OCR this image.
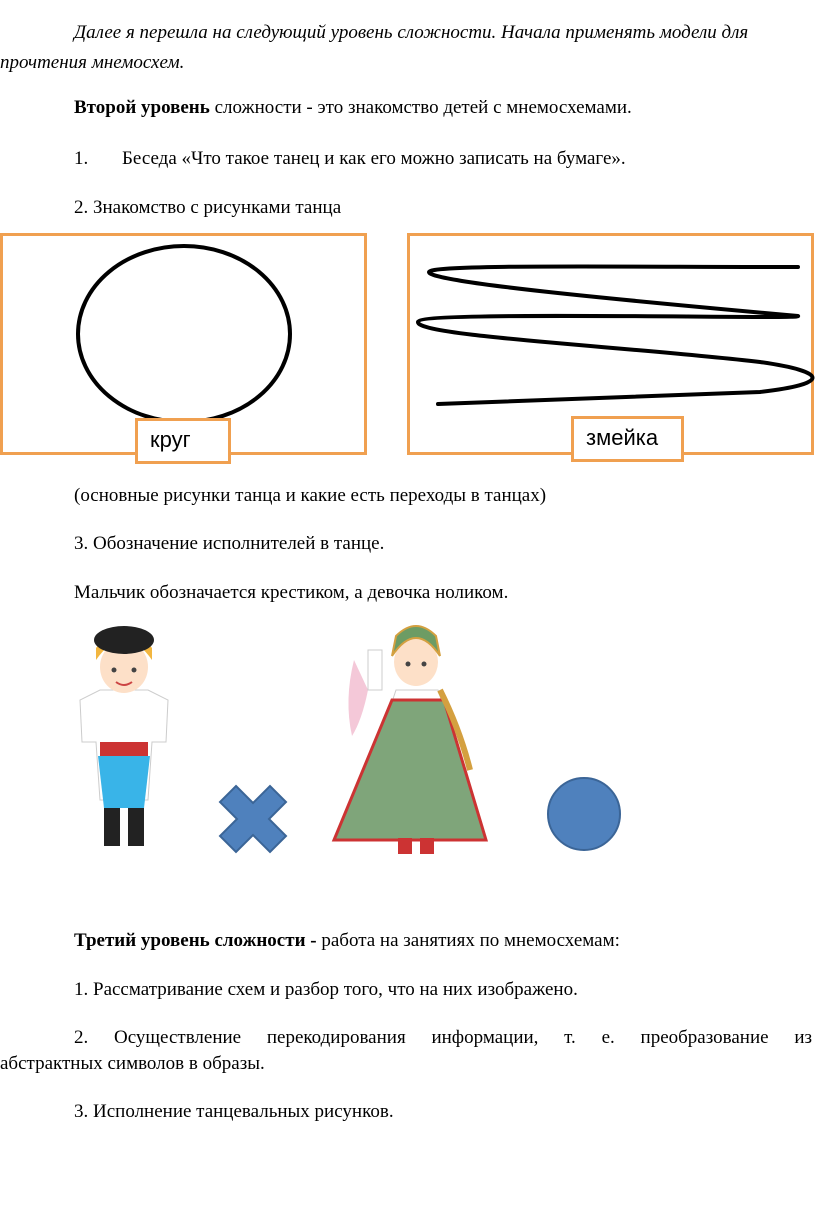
Далее я перешла на следующий уровень сложности. Начала применять модели для
прочтения мнемосхем.
Второй уровень сложности - это знакомство детей с мнемосхемами.
1. Беседа «Что такое танец и как его можно записать на бумаге».
2. Знакомство с рисунками танца
круг	змейка
(основные рисунки танца и какие есть переходы в танцах)
3. Обозначение исполнителей в танце.
Мальчик обозначается крестиком, а девочка ноликом.
Третий уровень сложности - работа на занятиях по мнемосхемам:
1. Рассматривание схем и разбор того, что на них изображено.
2. Осуществление перекодирования информации, т. е. преобразование из
абстрактных символов в образы.
3. Исполнение танцевальных рисунков.
